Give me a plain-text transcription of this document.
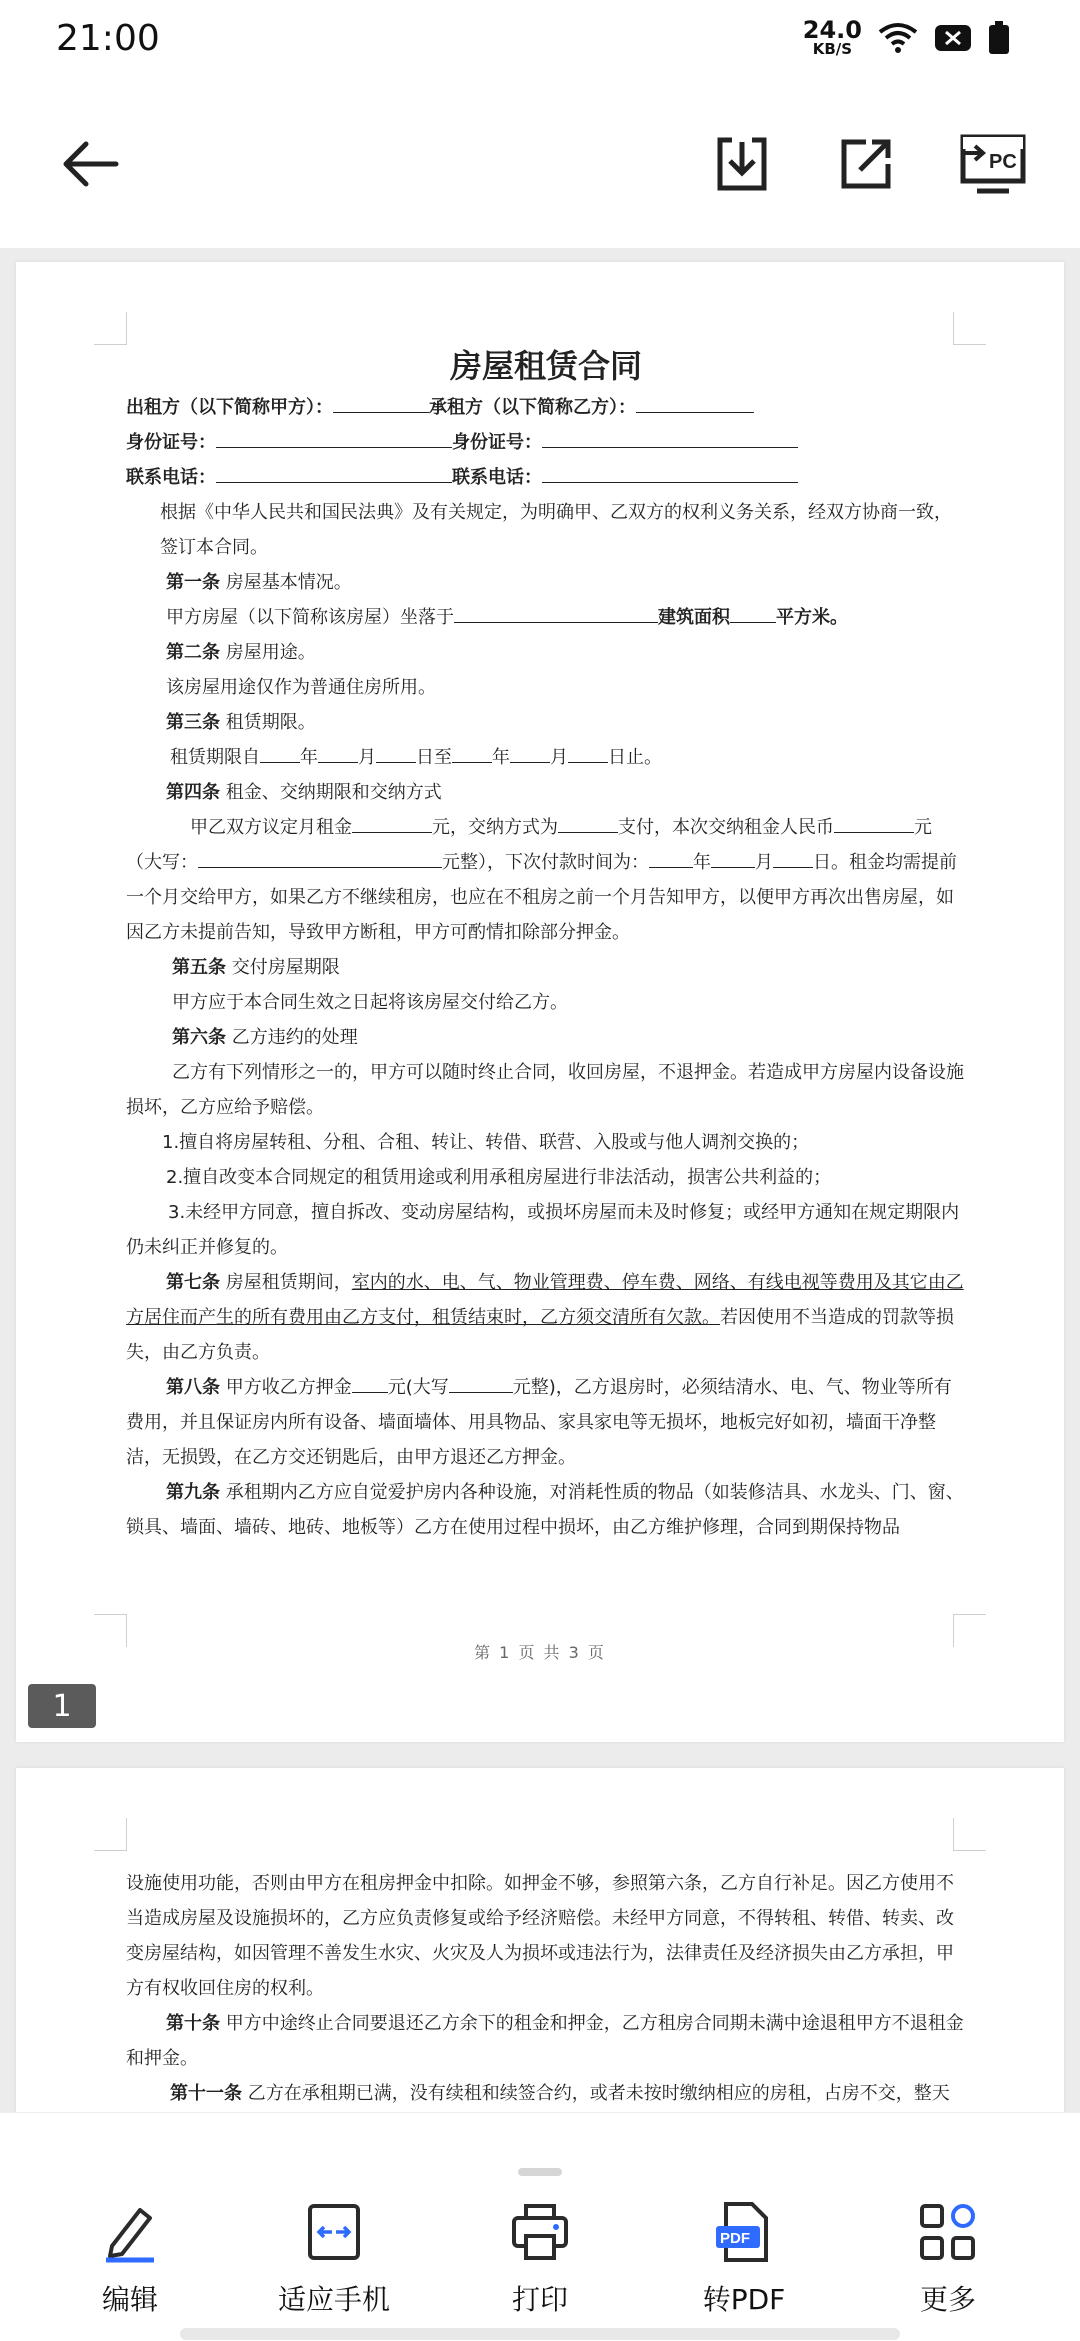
21:00	24.0
KB/S
PC

房屋租赁合同

出租方（以下简称甲方）：	承租方（以下简称乙方）：

身份证号：	身份证号：

联系电话：	联系电话：

根据《中华人民共和国民法典》及有关规定，为明确甲、乙双方的权利义务关系，经双方协商一致，签订本合同。

第一条 房屋基本情况。

甲方房屋（以下简称该房屋）坐落于	建筑面积	平方米。

第二条 房屋用途。

该房屋用途仅作为普通住房所用。

第三条 租赁期限。

租赁期限自 年 月 日至 年 月 日止。

第四条 租金、交纳期限和交纳方式

甲乙双方议定月租金	元，交纳方式为	支付，本次交纳租金人民币	元（大写：	元整），下次付款时间为： 年 月 日。租金均需提前一个月交给甲方，如果乙方不继续租房，也应在不租房之前一个月告知甲方，以便甲方再次出售房屋，如因乙方未提前告知，导致甲方断租，甲方可酌情扣除部分押金。

第五条 交付房屋期限

甲方应于本合同生效之日起将该房屋交付给乙方。

第六条 乙方违约的处理

乙方有下列情形之一的，甲方可以随时终止合同，收回房屋，不退押金。若造成甲方房屋内设备设施损坏，乙方应给予赔偿。

1.擅自将房屋转租、分租、合租、转让、转借、联营、入股或与他人调剂交换的；

2.擅自改变本合同规定的租赁用途或利用承租房屋进行非法活动，损害公共利益的；

3.未经甲方同意，擅自拆改、变动房屋结构，或损坏房屋而未及时修复；或经甲方通知在规定期限内仍未纠正并修复的。

第七条 房屋租赁期间，室内的水、电、气、物业管理费、停车费、网络、有线电视等费用及其它由乙方居住而产生的所有费用由乙方支付，租赁结束时，乙方须交清所有欠款。若因使用不当造成的罚款等损失，由乙方负责。

第八条 甲方收乙方押金 元(大写	元整)，乙方退房时，必须结清水、电、气、物业等所有费用，并且保证房内所有设备、墙面墙体、用具物品、家具家电等无损坏，地板完好如初，墙面干净整洁，无损毁，在乙方交还钥匙后，由甲方退还乙方押金。

第九条 承租期内乙方应自觉爱护房内各种设施，对消耗性质的物品（如装修洁具、水龙头、门、窗、锁具、墙面、墙砖、地砖、地板等）乙方在使用过程中损坏，由乙方维护修理，合同到期保持物品

第 1 页 共 3 页
1

设施使用功能，否则由甲方在租房押金中扣除。如押金不够，参照第六条，乙方自行补足。因乙方使用不当造成房屋及设施损坏的，乙方应负责修复或给予经济赔偿。未经甲方同意，不得转租、转借、转卖、改变房屋结构，如因管理不善发生水灾、火灾及人为损坏或违法行为，法律责任及经济损失由乙方承担，甲方有权收回住房的权利。

第十条 甲方中途终止合同要退还乙方余下的租金和押金，乙方租房合同期未满中途退租甲方不退租金和押金。

第十一条 乙方在承租期已满，没有续租和续签合约，或者未按时缴纳相应的房租，占房不交，整天

编辑	适应手机	打印
PDF
转PDF	更多
